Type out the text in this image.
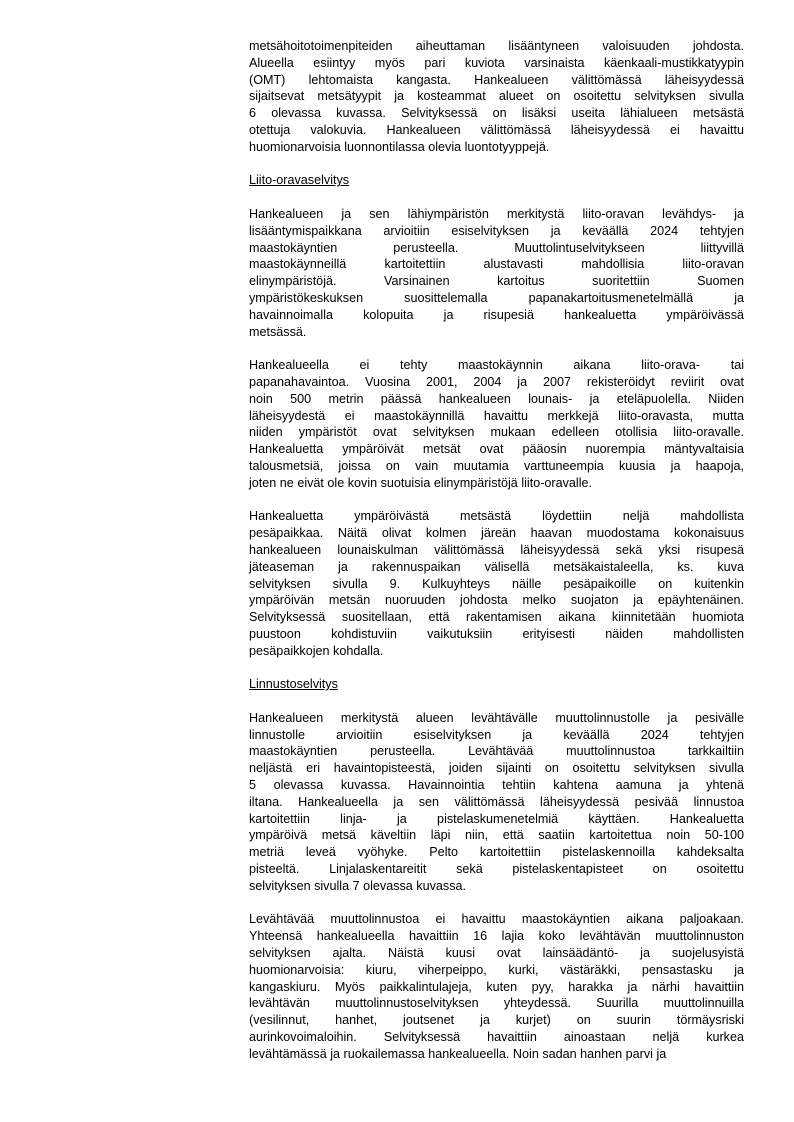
metsähoitotoimenpiteiden aiheuttaman lisääntyneen valoisuuden johdosta.
Alueella esiintyy myös pari kuviota varsinaista käenkaali-mustikkatyypin
(OMT) lehtomaista kangasta. Hankealueen välittömässä läheisyydessä
sijaitsevat metsätyypit ja kosteammat alueet on osoitettu selvityksen sivulla
6 olevassa kuvassa. Selvityksessä on lisäksi useita lähialueen metsästä
otettuja valokuvia. Hankealueen välittömässä läheisyydessä ei havaittu
huomionarvoisia luonnontilassa olevia luontotyyppejä.
Liito-oravaselvitys
Hankealueen ja sen lähiympäristön merkitystä liito-oravan levähdys- ja
lisääntymispaikkana arvioitiin esiselvityksen ja keväällä 2024 tehtyjen
maastokäyntien perusteella. Muuttolintuselvitykseen liittyvillä
maastokäynneillä kartoitettiin alustavasti mahdollisia liito-oravan
elinympäristöjä. Varsinainen kartoitus suoritettiin Suomen
ympäristökeskuksen suosittelemalla papanakartoitusmenetelmällä ja
havainnoimalla kolopuita ja risupesiä hankealuetta ympäröivässä
metsässä.
Hankealueella ei tehty maastokäynnin aikana liito-orava- tai
papanahavaintoa. Vuosina 2001, 2004 ja 2007 rekisteröidyt reviirit ovat
noin 500 metrin päässä hankealueen lounais- ja eteläpuolella. Niiden
läheisyydestä ei maastokäynnillä havaittu merkkejä liito-oravasta, mutta
niiden ympäristöt ovat selvityksen mukaan edelleen otollisia liito-oravalle.
Hankealuetta ympäröivät metsät ovat pääosin nuorempia mäntyvaltaisia
talousmetsiä, joissa on vain muutamia varttuneempia kuusia ja haapoja,
joten ne eivät ole kovin suotuisia elinympäristöjä liito-oravalle.
Hankealuetta ympäröivästä metsästä löydettiin neljä mahdollista
pesäpaikkaa. Näitä olivat kolmen järeän haavan muodostama kokonaisuus
hankealueen lounaiskulman välittömässä läheisyydessä sekä yksi risupesä
jäteaseman ja rakennuspaikan välisellä metsäkaistaleella, ks. kuva
selvityksen sivulla 9. Kulkuyhteys näille pesäpaikoille on kuitenkin
ympäröivän metsän nuoruuden johdosta melko suojaton ja epäyhtenäinen.
Selvityksessä suositellaan, että rakentamisen aikana kiinnitetään huomiota
puustoon kohdistuviin vaikutuksiin erityisesti näiden mahdollisten
pesäpaikkojen kohdalla.
Linnustoselvitys
Hankealueen merkitystä alueen levähtävälle muuttolinnustolle ja pesivälle
linnustolle arvioitiin esiselvityksen ja keväällä 2024 tehtyjen
maastokäyntien perusteella. Levähtävää muuttolinnustoa tarkkailtiin
neljästä eri havaintopisteestä, joiden sijainti on osoitettu selvityksen sivulla
5 olevassa kuvassa. Havainnointia tehtiin kahtena aamuna ja yhtenä
iltana. Hankealueella ja sen välittömässä läheisyydessä pesivää linnustoa
kartoitettiin linja- ja pistelaskumenetelmiä käyttäen. Hankealuetta
ympäröivä metsä käveltiin läpi niin, että saatiin kartoitettua noin 50-100
metriä leveä vyöhyke. Pelto kartoitettiin pistelaskennoilla kahdeksalta
pisteeltä. Linjalaskentareitit sekä pistelaskentapisteet on osoitettu
selvityksen sivulla 7 olevassa kuvassa.
Levähtävää muuttolinnustoa ei havaittu maastokäyntien aikana paljoakaan.
Yhteensä hankealueella havaittiin 16 lajia koko levähtävän muuttolinnuston
selvityksen ajalta. Näistä kuusi ovat lainsäädäntö- ja suojelusyistä
huomionarvoisia: kiuru, viherpeippo, kurki, västäräkki, pensastasku ja
kangaskiuru. Myös paikkalintulajeja, kuten pyy, harakka ja närhi havaittiin
levähtävän muuttolinnustoselvityksen yhteydessä. Suurilla muuttolinnuilla
(vesilinnut, hanhet, joutsenet ja kurjet) on suurin törmäysriski
aurinkovoimaloihin. Selvityksessä havaittiin ainoastaan neljä kurkea
levähtämässä ja ruokailemassa hankealueella. Noin sadan hanhen parvi ja
